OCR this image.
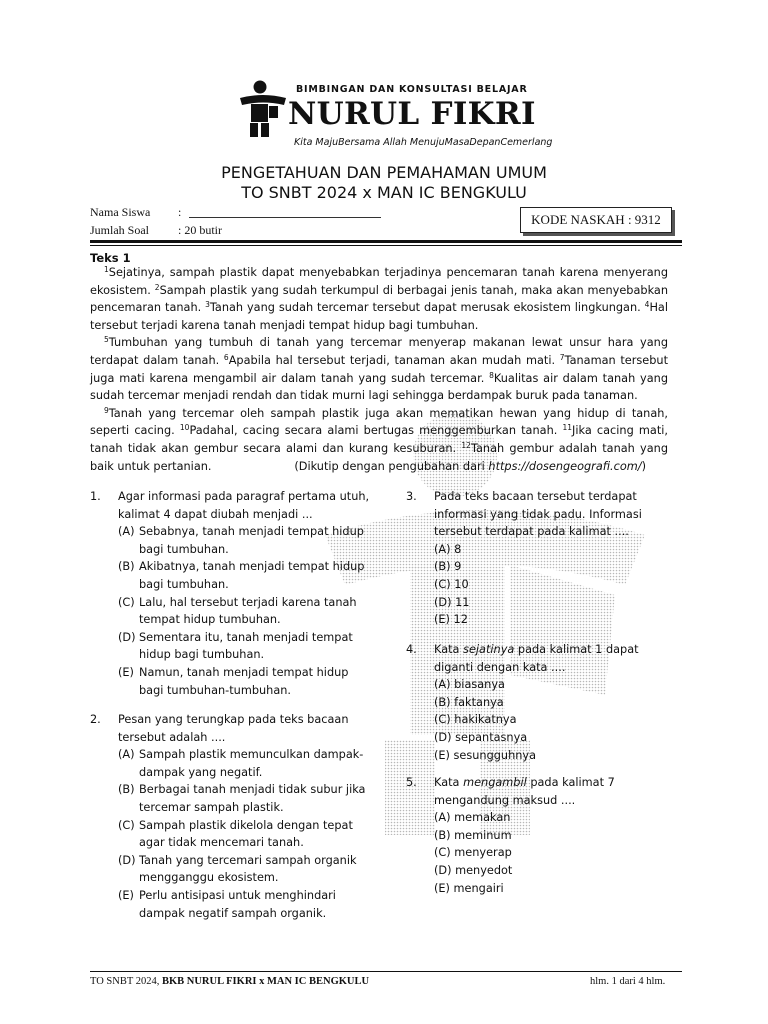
BIMBINGAN DAN KONSULTASI BELAJAR
NURUL FIKRI
Kita MajuBersama Allah MenujuMasaDepanCemerlang
PENGETAHUAN DAN PEMAHAMAN UMUM
TO SNBT 2024 x MAN IC BENGKULU
Nama Siswa	:
Jumlah Soal	: 20 butir
KODE NASKAH : 9312
Teks 1

$^1$Sejatinya, sampah plastik dapat menyebabkan terjadinya pencemaran tanah karena menyerang ekosistem. $^2$Sampah plastik yang sudah terkumpul di berbagai jenis tanah, maka akan menyebabkan pencemaran tanah. $^3$Tanah yang sudah tercemar tersebut dapat merusak ekosistem lingkungan. $^4$Hal tersebut terjadi karena tanah menjadi tempat hidup bagi tumbuhan.

$^5$Tumbuhan yang tumbuh di tanah yang tercemar menyerap makanan lewat unsur hara yang terdapat dalam tanah. $^6$Apabila hal tersebut terjadi, tanaman akan mudah mati. $^7$Tanaman tersebut juga mati karena mengambil air dalam tanah yang sudah tercemar. $^8$Kualitas air dalam tanah yang sudah tercemar menjadi rendah dan tidak murni lagi sehingga berdampak buruk pada tanaman.

$^9$Tanah yang tercemar oleh sampah plastik juga akan mematikan hewan yang hidup di tanah, seperti cacing. $^{10}$Padahal, cacing secara alami bertugas menggemburkan tanah. $^{11}$Jika cacing mati, tanah tidak akan gembur secara alami dan kurang kesuburan. $^{12}$Tanah gembur adalah tanah yang baik untuk pertanian.	(Dikutip dengan pengubahan dari https://dosengeografi.com/)
1. Agar informasi pada paragraf pertama utuh, kalimat 4 dapat diubah menjadi ...
(A) Sebabnya, tanah menjadi tempat hidup bagi tumbuhan.
(B) Akibatnya, tanah menjadi tempat hidup bagi tumbuhan.
(C) Lalu, hal tersebut terjadi karena tanah tempat hidup tumbuhan.
(D) Sementara itu, tanah menjadi tempat hidup bagi tumbuhan.
(E) Namun, tanah menjadi tempat hidup bagi tumbuhan-tumbuhan.
2. Pesan yang terungkap pada teks bacaan tersebut adalah ....
(A) Sampah plastik memunculkan dampak-dampak yang negatif.
(B) Berbagai tanah menjadi tidak subur jika tercemar sampah plastik.
(C) Sampah plastik dikelola dengan tepat agar tidak mencemari tanah.
(D) Tanah yang tercemari sampah organik mengganggu ekosistem.
(E) Perlu antisipasi untuk menghindari dampak negatif sampah organik.
3. Pada teks bacaan tersebut terdapat informasi yang tidak padu. Informasi tersebut terdapat pada kalimat ....
(A) 8
(B) 9
(C) 10
(D) 11
(E) 12
4. Kata sejatinya pada kalimat 1 dapat diganti dengan kata ....
(A) biasanya
(B) faktanya
(C) hakikatnya
(D) sepantasnya
(E) sesungguhnya
5. Kata mengambil pada kalimat 7 mengandung maksud ....
(A) memakan
(B) meminum
(C) menyerap
(D) menyedot
(E) mengairi
TO SNBT 2024, BKB NURUL FIKRI x MAN IC BENGKULU	hlm. 1 dari 4 hlm.
